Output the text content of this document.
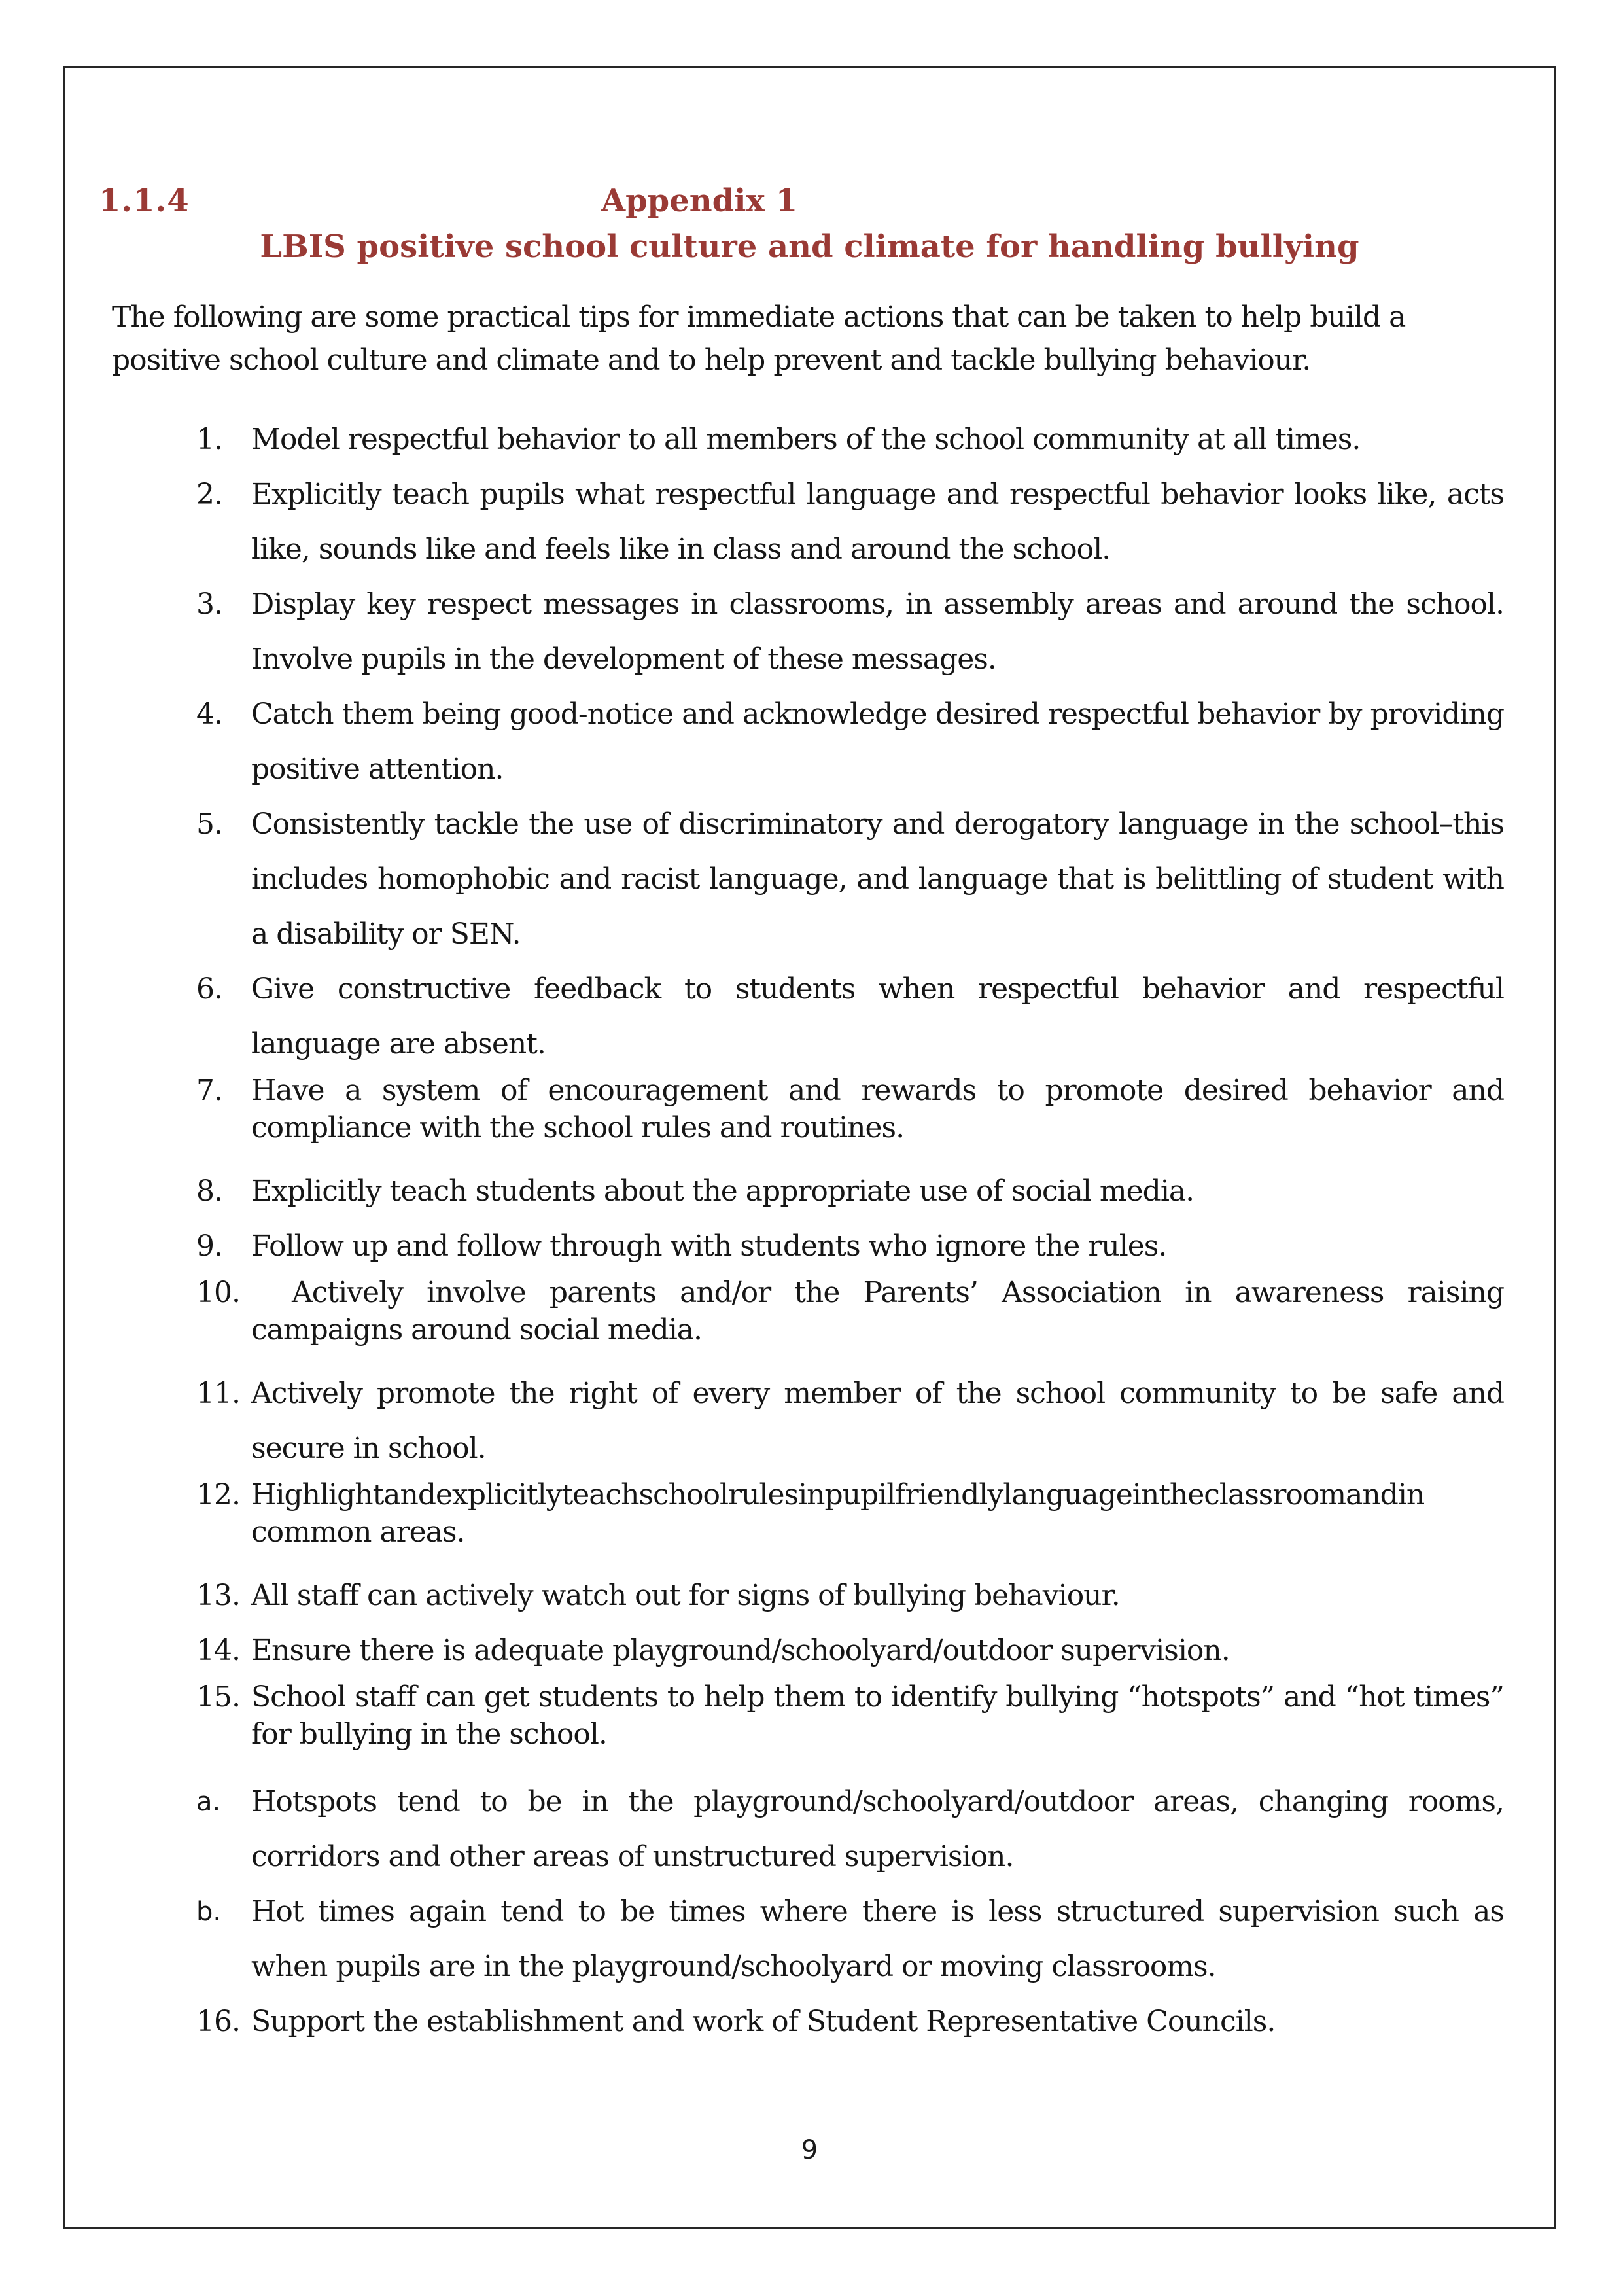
1.1.4	Appendix 1
LBIS positive school culture and climate for handling bullying

The following are some practical tips for immediate actions that can be taken to help build a positive school culture and climate and to help prevent and tackle bullying behaviour.

1.	Model respectful behavior to all members of the school community at all times.
2.	Explicitly teach pupils what respectful language and respectful behavior looks like, acts like, sounds like and feels like in class and around the school.
3.	Display key respect messages in classrooms, in assembly areas and around the school. Involve pupils in the development of these messages.
4.	Catch them being good-notice and acknowledge desired respectful behavior by providing positive attention.
5.	Consistently tackle the use of discriminatory and derogatory language in the school–this includes homophobic and racist language, and language that is belittling of student with a disability or SEN.
6.	Give constructive feedback to students when respectful behavior and respectful language are absent.
7.	Have a system of encouragement and rewards to promote desired behavior and compliance with the school rules and routines.
8.	Explicitly teach students about the appropriate use of social media.
9.	Follow up and follow through with students who ignore the rules.
10.	Actively involve parents and/or the Parents’ Association in awareness raising campaigns around social media.
11. Actively promote the right of every member of the school community to be safe and secure in school.
12. Highlightandexplicitlyteachschoolrulesinpupilfriendlylanguageintheclassroomandin common areas.
13. All staff can actively watch out for signs of bullying behaviour.
14. Ensure there is adequate playground/schoolyard/outdoor supervision.
15. School staff can get students to help them to identify bullying “hotspots” and “hot times” for bullying in the school.
a.	Hotspots tend to be in the playground/schoolyard/outdoor areas, changing rooms, corridors and other areas of unstructured supervision.
b.	Hot times again tend to be times where there is less structured supervision such as when pupils are in the playground/schoolyard or moving classrooms.
16. Support the establishment and work of Student Representative Councils.
9
